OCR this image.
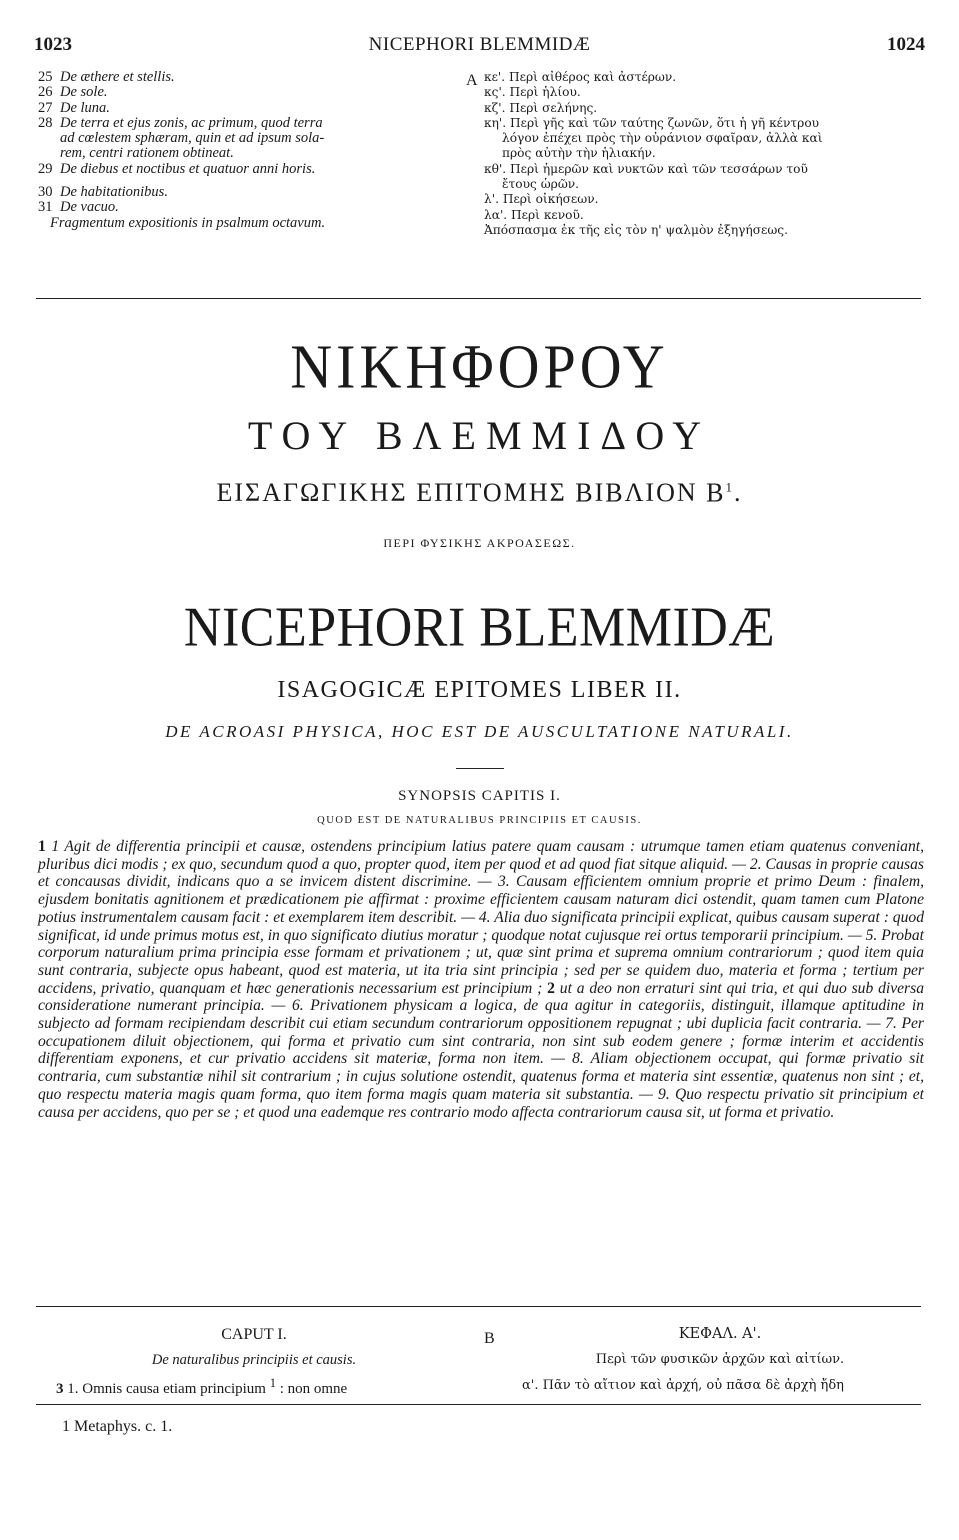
1023	NICEPHORI BLEMMIDÆ	1024
25 De æthere et stellis.
26 De sole.
27 De luna.
28 De terra et ejus zonis, ac primum, quod terra
ad cœlestem sphæram, quin et ad ipsum sola-
rem, centri rationem obtineat.
29 De diebus et noctibus et quatuor anni horis.
30 De habitationibus.
31 De vacuo.
Fragmentum expositionis in psalmum octavum.
A κε'. Περὶ αἰθέρος καὶ ἀστέρων.
κς'. Περὶ ἡλίου.
κζ'. Περὶ σελήνης.
κη'. Περὶ γῆς καὶ τῶν ταύτης ζωνῶν, ὅτι ἡ γῆ κέντρου
λόγον ἐπέχει πρὸς τὴν οὐράνιον σφαῖραν, ἀλλὰ καὶ
πρὸς αὐτὴν τὴν ἡλιακήν.
κθ'. Περὶ ἡμερῶν καὶ νυκτῶν καὶ τῶν τεσσάρων τοῦ
ἔτους ὡρῶν.
λ'. Περὶ οἰκήσεων.
λα'. Περὶ κενοῦ.
Ἀπόσπασμα ἐκ τῆς εἰς τὸν η' ψαλμὸν ἐξηγήσεως.
ΝΙΚΗΦΟΡΟΥ
ΤΟΥ ΒΛΕΜΜΙΔΟΥ
ΕΙΣΑΓΩΓΙΚΗΣ ΕΠΙΤΟΜΗΣ ΒΙΒΛΙΟΝ $B^1$.
ΠΕΡΙ ΦΥΣΙΚΗΣ ΑΚΡΟΑΣΕΩΣ.
NICEPHORI BLEMMIDÆ
ISAGOGICÆ EPITOMES LIBER II.
DE ACROASI PHYSICA, HOC EST DE AUSCULTATIONE NATURALI.
SYNOPSIS CAPITIS I.
QUOD EST DE NATURALIBUS PRINCIPIIS ET CAUSIS.
1 1 Agit de differentia principii et causæ, ostendens principium latius patere quam causam : utrumque tamen etiam quatenus conveniant, pluribus dici modis ; ex quo, secundum quod a quo, propter quod, item per quod et ad quod fiat sitque aliquid. — 2. Causas in proprie causas et concausas dividit, indicans quo a se invicem distent discrimine. — 3. Causam efficientem omnium proprie et primo Deum : finalem, ejusdem bonitatis agnitionem et prædicationem pie affirmat : proxime efficientem causam naturam dici ostendit, quam tamen cum Platone potius instrumentalem causam facit : et exemplarem item describit. — 4. Alia duo significata principii explicat, quibus causam superat : quod significat, id unde primus motus est, in quo significato diutius moratur ; quodque notat cujusque rei ortus temporarii principium. — 5. Probat corporum naturalium prima principia esse formam et privationem ; ut, quæ sint prima et suprema omnium contrariorum ; quod item quia sunt contraria, subjecte opus habeant, quod est materia, ut ita tria sint principia ; sed per se quidem duo, materia et forma ; tertium per accidens, privatio, quanquam et hæc generationis necessarium est principium ; 2 ut a deo non erraturi sint qui tria, et qui duo sub diversa consideratione numerant principia. — 6. Privationem physicam a logica, de qua agitur in categoriis, distinguit, illamque aptitudine in subjecto ad formam recipiendam describit cui etiam secundum contrariorum oppositionem repugnat ; ubi duplicia facit contraria. — 7. Per occupationem diluit objectionem, qui forma et privatio cum sint contraria, non sint sub eodem genere ; formæ interim et accidentis differentiam exponens, et cur privatio accidens sit materiæ, forma non item. — 8. Aliam objectionem occupat, qui formæ privatio sit contraria, cum substantiæ nihil sit contrarium ; in cujus solutione ostendit, quatenus forma et materia sint essentiæ, quatenus non sint ; et, quo respectu materia magis quam forma, quo item forma magis quam materia sit substantia. — 9. Quo respectu privatio sit principium et causa per accidens, quo per se ; et quod una eademque res contrario modo affecta contrariorum causa sit, ut forma et privatio.
CAPUT I.
De naturalibus principiis et causis.
3 1. Omnis causa etiam principium $^1$ : non omne
B	ΚΕΦΑΛ. Α'.
Περὶ τῶν φυσικῶν ἀρχῶν καὶ αἰτίων.
α'. Πᾶν τὸ αἴτιον καὶ ἀρχή, οὐ πᾶσα δὲ ἀρχὴ ἤδη
1 Metaphys. c. 1.
